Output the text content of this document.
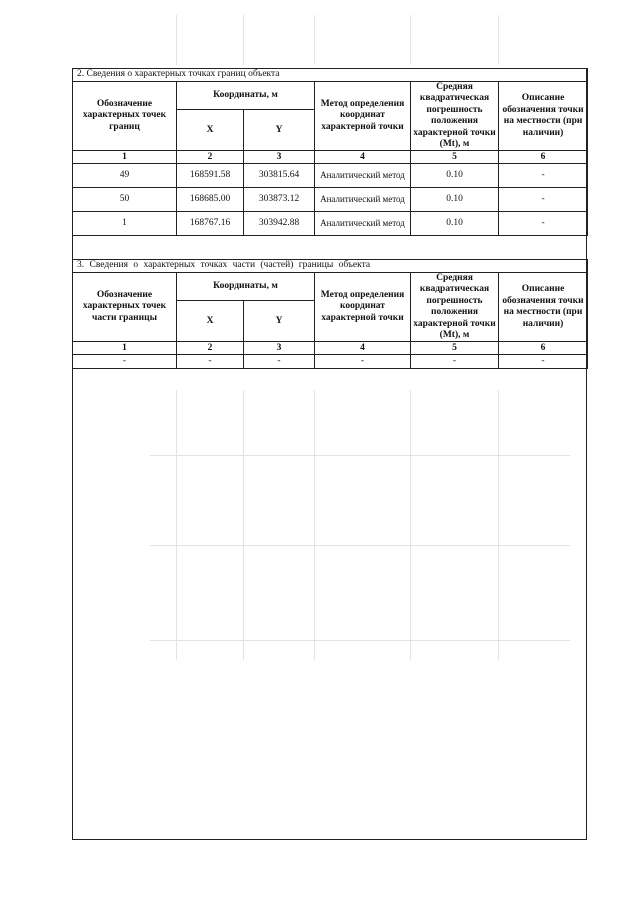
2. Сведения о характерных точках границ объекта					
Обозначение характерных точек границ	Координаты, м		Метод определения координат характерной точки	Средняя квадратическая погрешность положения характерной точки (Mt), м	Описание обозначения точки на местности (при наличии)
	X	Y			
1	2	3	4	5	6
49	168591.58	303815.64	Аналитический метод	0.10	-
50	168685.00	303873.12	Аналитический метод	0.10	-
1	168767.16	303942.88	Аналитический метод	0.10	-
3. Сведения о характерных точках части (частей) границы объекта					
Обозначение характерных точек части границы	Координаты, м		Метод определения координат характерной точки	Средняя квадратическая погрешность положения характерной точки (Mt), м	Описание обозначения точки на местности (при наличии)
	X	Y			
1	2	3	4	5	6
-	-	-	-	-	-
